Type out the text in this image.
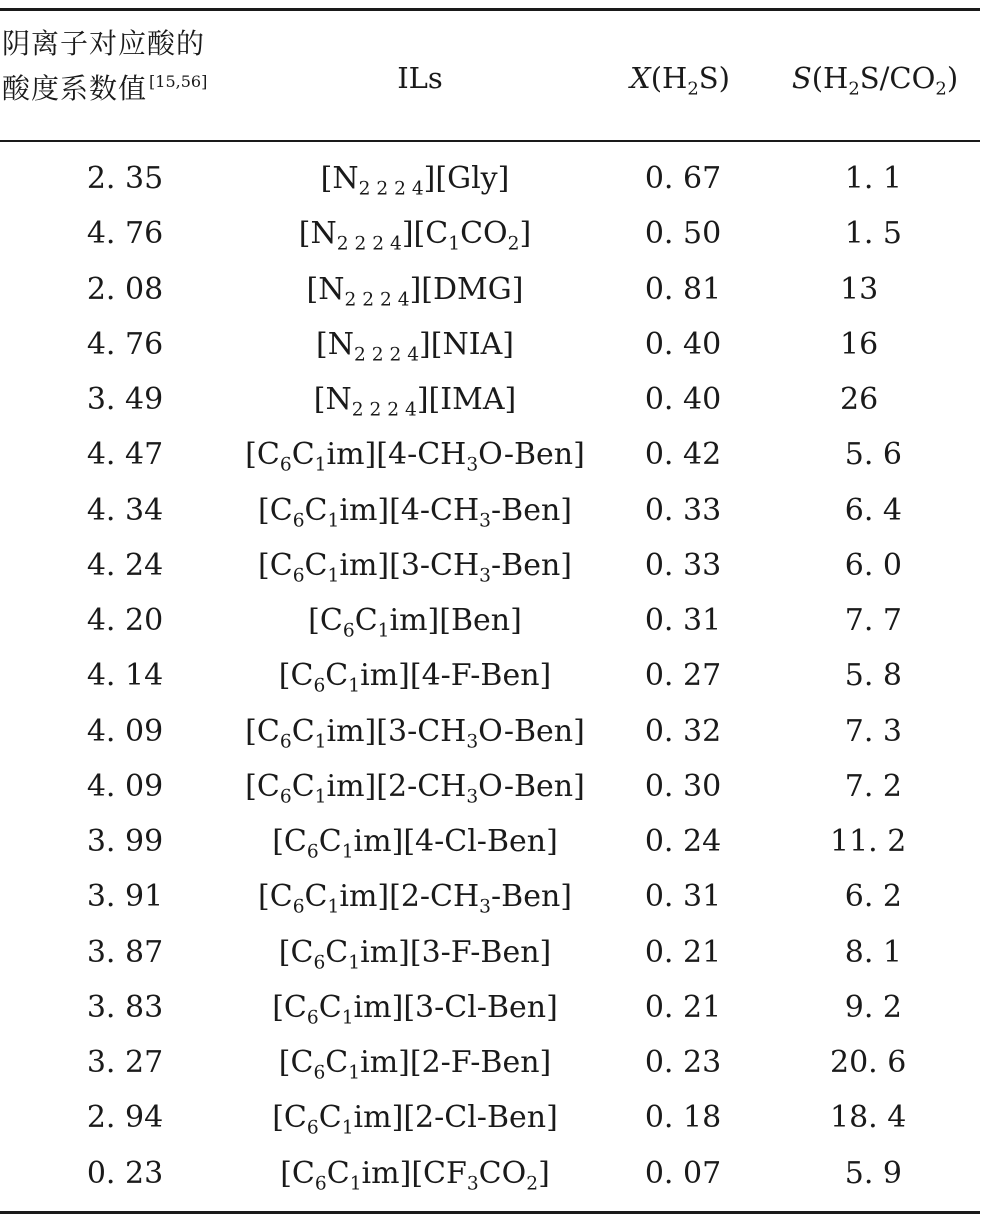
阴离子对应酸的
酸度系数值 [15,56]	ILs	$X(H_2S)$	$S(H_2S/CO_2)$
2. 35	$[N_{2 2 2 4}][Gly]$	0. 67	1. 1
4. 76	$[N_{2 2 2 4}][C_1CO_2]$	0. 50	1. 5
2. 08	$[N_{2 2 2 4}][DMG]$	0. 81	13
4. 76	$[N_{2 2 2 4}][NIA]$	0. 40	16
3. 49	$[N_{2 2 2 4}][IMA]$	0. 40	26
4. 47	$[C_6C_1im][4-CH_3O-Ben]$	0. 42	5. 6
4. 34	$[C_6C_1im][4-CH_3-Ben]$	0. 33	6. 4
4. 24	$[C_6C_1im][3-CH_3-Ben]$	0. 33	6. 0
4. 20	$[C_6C_1im][Ben]$	0. 31	7. 7
4. 14	$[C_6C_1im][4-F-Ben]$	0. 27	5. 8
4. 09	$[C_6C_1im][3-CH_3O-Ben]$	0. 32	7. 3
4. 09	$[C_6C_1im][2-CH_3O-Ben]$	0. 30	7. 2
3. 99	$[C_6C_1im][4-Cl-Ben]$	0. 24	11. 2
3. 91	$[C_6C_1im][2-CH_3-Ben]$	0. 31	6. 2
3. 87	$[C_6C_1im][3-F-Ben]$	0. 21	8. 1
3. 83	$[C_6C_1im][3-Cl-Ben]$	0. 21	9. 2
3. 27	$[C_6C_1im][2-F-Ben]$	0. 23	20. 6
2. 94	$[C_6C_1im][2-Cl-Ben]$	0. 18	18. 4
0. 23	$[C_6C_1im][CF_3CO_2]$	0. 07	5. 9
